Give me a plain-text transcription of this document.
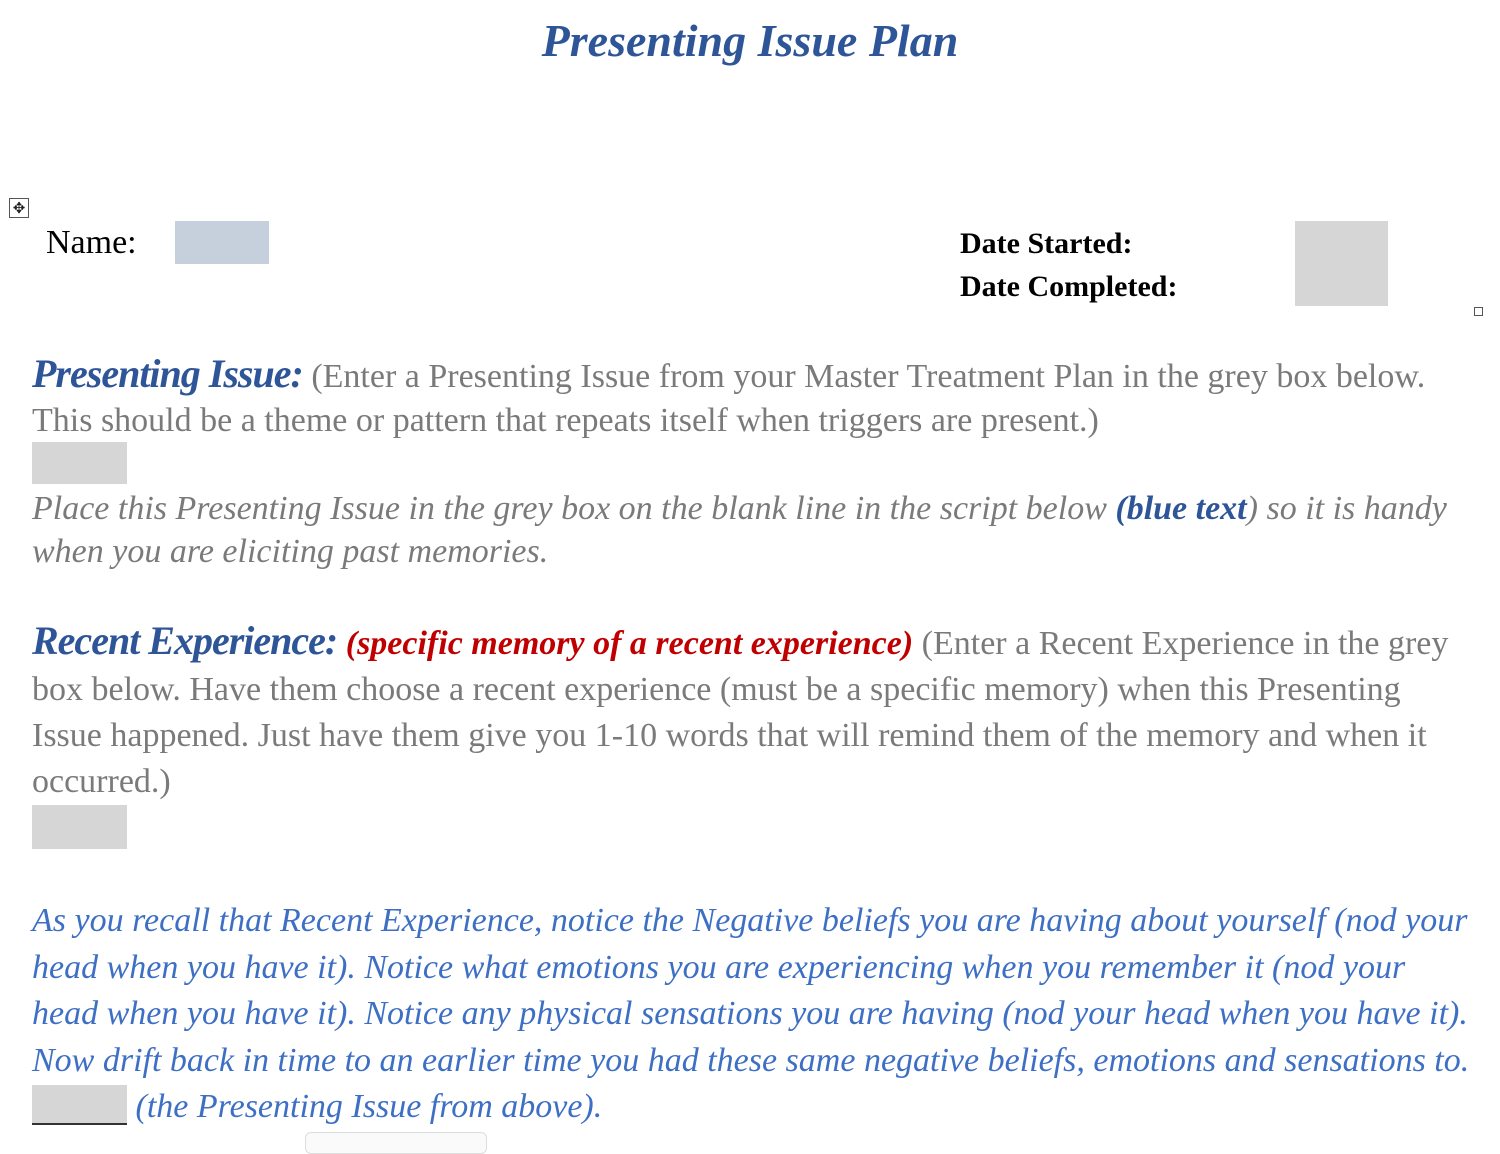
Presenting Issue Plan
✥
Name:	Date Started:
Date Completed:
Presenting Issue: (Enter a Presenting Issue from your Master Treatment Plan in the grey box below. This should be a theme or pattern that repeats itself when triggers are present.)
Place this Presenting Issue in the grey box on the blank line in the script below (blue text) so it is handy when you are eliciting past memories.
Recent Experience: (specific memory of a recent experience) (Enter a Recent Experience in the grey box below. Have them choose a recent experience (must be a specific memory) when this Presenting Issue happened. Just have them give you 1-10 words that will remind them of the memory and when it occurred.)
As you recall that Recent Experience, notice the Negative beliefs you are having about yourself (nod your head when you have it). Notice what emotions you are experiencing when you remember it (nod your head when you have it). Notice any physical sensations you are having (nod your head when you have it). Now drift back in time to an earlier time you had these same negative beliefs, emotions and sensations to.  (the Presenting Issue from above).
